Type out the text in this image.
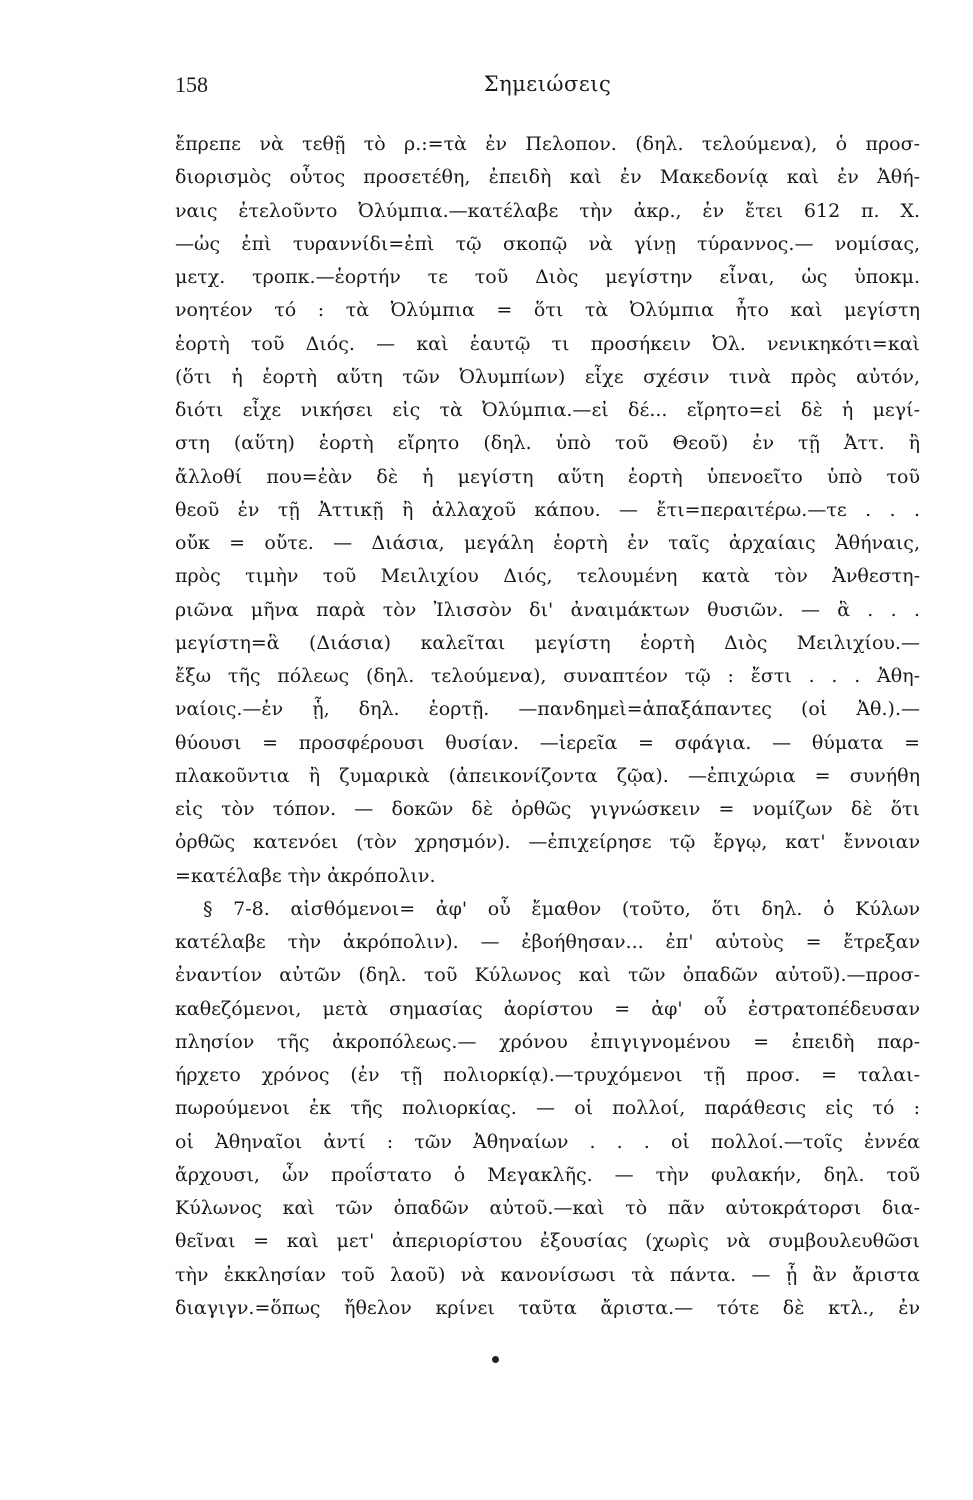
Σημειώσεις
158
ἔπρεπε νὰ τεθῇ τὸ ρ.:=τὰ ἐν Πελοπον. (δηλ. τελούμενα), ὁ προσ-
διορισμὸς οὗτος προσετέθη, ἐπειδὴ καὶ ἐν Μακεδονίᾳ καὶ ἐν Ἀθή-
ναις ἐτελοῦντο Ὀλύμπια.—κατέλαβε τὴν ἀκρ., ἐν ἔτει 612 π. Χ.
—ὡς ἐπὶ τυραννίδι=ἐπὶ τῷ σκοπῷ νὰ γίνῃ τύραννος.— νομίσας,
μετχ. τροπκ.—ἑορτήν τε τοῦ Διὸς μεγίστην εἶναι, ὡς ὑποκμ.
νοητέον τό : τὰ Ὀλύμπια = ὅτι τὰ Ὀλύμπια ἦτο καὶ μεγίστη
ἑορτὴ τοῦ Διός. — καὶ ἑαυτῷ τι προσήκειν Ὀλ. νενικηκότι=καὶ
(ὅτι ἡ ἑορτὴ αὕτη τῶν Ὀλυμπίων) εἶχε σχέσιν τινὰ πρὸς αὐτόν,
διότι εἶχε νικήσει εἰς τὰ Ὀλύμπια.—εἰ δέ... εἴρητο=εἰ δὲ ἡ μεγί-
στη (αὕτη) ἑορτὴ εἴρητο (δηλ. ὑπὸ τοῦ Θεοῦ) ἐν τῇ Ἀττ. ἢ
ἄλλοθί που=ἐὰν δὲ ἡ μεγίστη αὕτη ἑορτὴ ὑπενοεῖτο ὑπὸ τοῦ
θεοῦ ἐν τῇ Ἀττικῇ ἢ ἀλλαχοῦ κάπου. — ἔτι=περαιτέρω.—τε . . .
οὔκ = οὔτε. — Διάσια, μεγάλη ἑορτὴ ἐν ταῖς ἀρχαίαις Ἀθήναις,
πρὸς τιμὴν τοῦ Μειλιχίου Διός, τελουμένη κατὰ τὸν Ἀνθεστη-
ριῶνα μῆνα παρὰ τὸν Ἰλισσὸν δι' ἀναιμάκτων θυσιῶν. — ἃ . . .
μεγίστη=ἃ (Διάσια) καλεῖται μεγίστη ἑορτὴ Διὸς Μειλιχίου.—
ἔξω τῆς πόλεως (δηλ. τελούμενα), συναπτέον τῷ : ἔστι . . . Ἀθη-
ναίοις.—ἐν ᾗ, δηλ. ἑορτῇ. —πανδημεὶ=ἁπαξάπαντες (οἱ Ἀθ.).—
θύουσι = προσφέρουσι θυσίαν. —ἱερεῖα = σφάγια. — θύματα =
πλακοῦντια ἢ ζυμαρικὰ (ἀπεικονίζοντα ζῷα). —ἐπιχώρια = συνήθη
εἰς τὸν τόπον. — δοκῶν δὲ ὀρθῶς γιγνώσκειν = νομίζων δὲ ὅτι
ὀρθῶς κατενόει (τὸν χρησμόν). —ἐπιχείρησε τῷ ἔργῳ, κατ' ἔννοιαν
=κατέλαβε τὴν ἀκρόπολιν.
§ 7-8. αἰσθόμενοι= ἀφ' οὗ ἔμαθον (τοῦτο, ὅτι δηλ. ὁ Κύλων
κατέλαβε τὴν ἀκρόπολιν). — ἐβοήθησαν... ἐπ' αὐτοὺς = ἔτρεξαν
ἐναντίον αὐτῶν (δηλ. τοῦ Κύλωνος καὶ τῶν ὀπαδῶν αὐτοῦ).—προσ-
καθεζόμενοι, μετὰ σημασίας ἀορίστου = ἀφ' οὗ ἐστρατοπέδευσαν
πλησίον τῆς ἀκροπόλεως.— χρόνου ἐπιγιγνομένου = ἐπειδὴ παρ-
ήρχετο χρόνος (ἐν τῇ πολιορκίᾳ).—τρυχόμενοι τῇ προσ. = ταλαι-
πωρούμενοι ἐκ τῆς πολιορκίας. — οἱ πολλοί, παράθεσις εἰς τό :
οἱ Ἀθηναῖοι ἀντί : τῶν Ἀθηναίων . . . οἱ πολλοί.—τοῖς ἐννέα
ἄρχουσι, ὧν προΐστατο ὁ Μεγακλῆς. — τὴν φυλακήν, δηλ. τοῦ
Κύλωνος καὶ τῶν ὀπαδῶν αὐτοῦ.—καὶ τὸ πᾶν αὐτοκράτορσι δια-
θεῖναι = καὶ μετ' ἀπεριορίστου ἐξουσίας (χωρὶς νὰ συμβουλευθῶσι
τὴν ἐκκλησίαν τοῦ λαοῦ) νὰ κανονίσωσι τὰ πάντα. — ᾗ ἂν ἄριστα
διαγιγν.=ὅπως ἤθελον κρίνει ταῦτα ἄριστα.— τότε δὲ κτλ., ἐν
